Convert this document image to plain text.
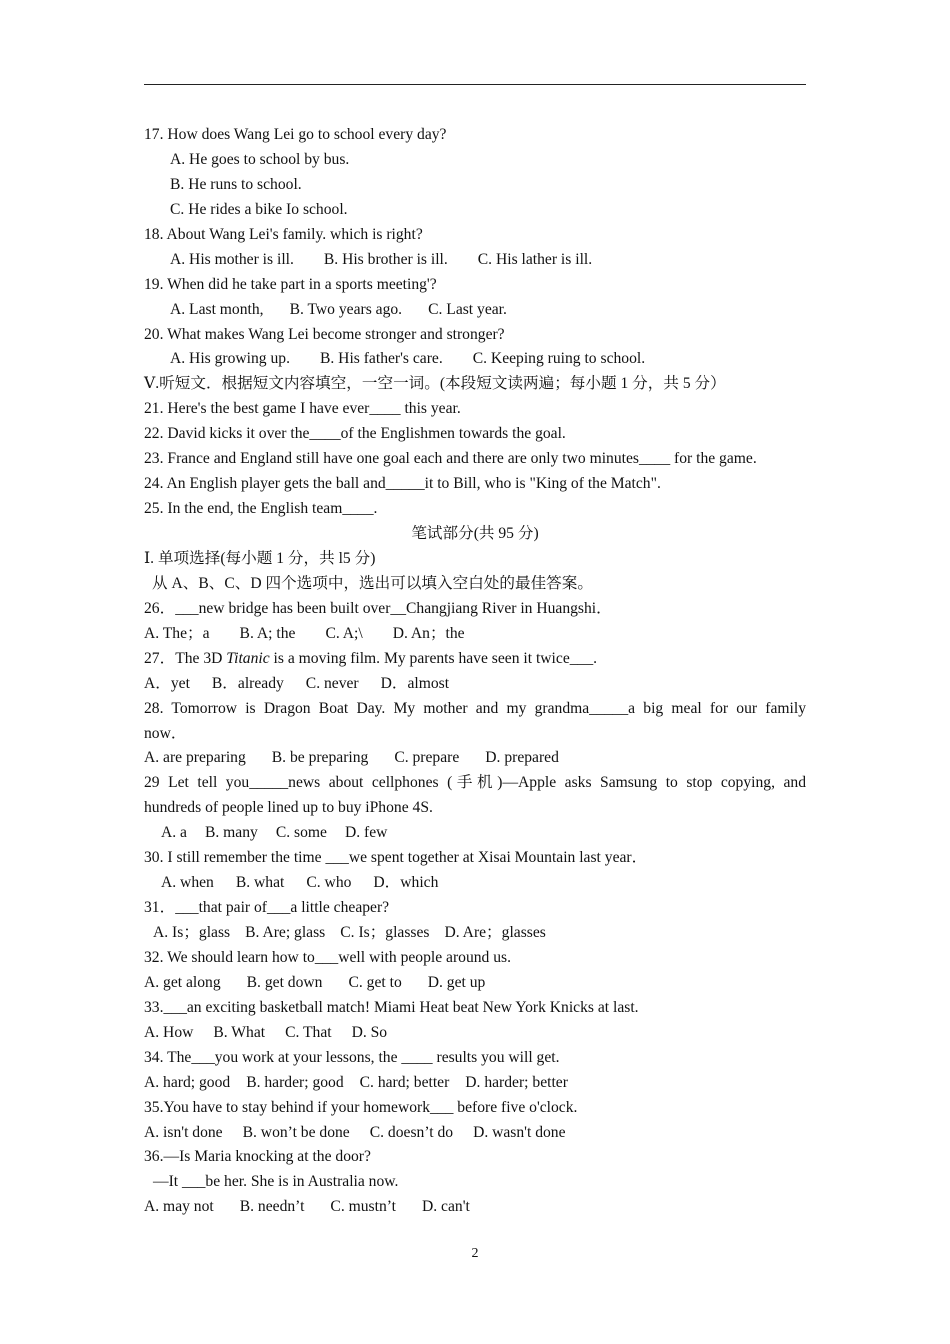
17. How does Wang Lei go to school every day?
A. He goes to school by bus.
B. He runs to school.
C. He rides a bike Io school.
18. About Wang Lei's family. which is right?
A. His mother is ill. B. His brother is ill. C. His lather is ill.
19. When did he take part in a sports meeting'?
A. Last month, B. Two years ago. C. Last year.
20. What makes Wang Lei become stronger and stronger?
A. His growing up. B. His father's care. C. Keeping ruing to school.
Ⅴ.听短文．根据短文内容填空，一空一词。(本段短文读两遍；每小题 1 分，共 5 分）
21. Here's the best game I have ever____ this year.
22. David kicks it over the____of the Englishmen towards the goal.
23. France and England still have one goal each and there are only two minutes____ for the game.
24. An English player gets the ball and_____it to Bill, who is "King of the Match".
25. In the end, the English team____.
笔试部分(共 95 分)
Ⅰ. 单项选择(每小题 1 分，共 l5 分)
从 A、B、C、D 四个选项中，选出可以填入空白处的最佳答案。
26．___new bridge has been built over__Changjiang River in Huangshi．
A. The；a B. A; the C. A;\ D. An；the
27．The 3D Titanic is a moving film. My parents have seen it twice___.
A．yet B．already C. never D．almost
28. Tomorrow is Dragon Boat Day. My mother and my grandma_____a big meal for our family
now．
A. are preparing B. be preparing C. prepare D. prepared
29 Let tell you_____news about cellphones (手机)—Apple asks Samsung to stop copying, and
hundreds of people lined up to buy iPhone 4S.
A. a B. many C. some D. few
30. I still remember the time ___we spent together at Xisai Mountain last year．
A. when B. what C. who D．which
31．___that pair of___a little cheaper?
A. Is；glass B. Are; glass C. Is；glasses D. Are；glasses
32. We should learn how to___well with people around us.
A. get along B. get down C. get to D. get up
33.___an exciting basketball match! Miami Heat beat New York Knicks at last.
A. How B. What C. That D. So
34. The___you work at your lessons, the ____ results you will get.
A. hard; good B. harder; good C. hard; better D. harder; better
35.You have to stay behind if your homework___ before five o'clock.
A. isn't done B. won’t be done C. doesn’t do D. wasn't done
36.—Is Maria knocking at the door?
—It ___be her. She is in Australia now.
A. may not B. needn’t C. mustn’t D. can't
2
